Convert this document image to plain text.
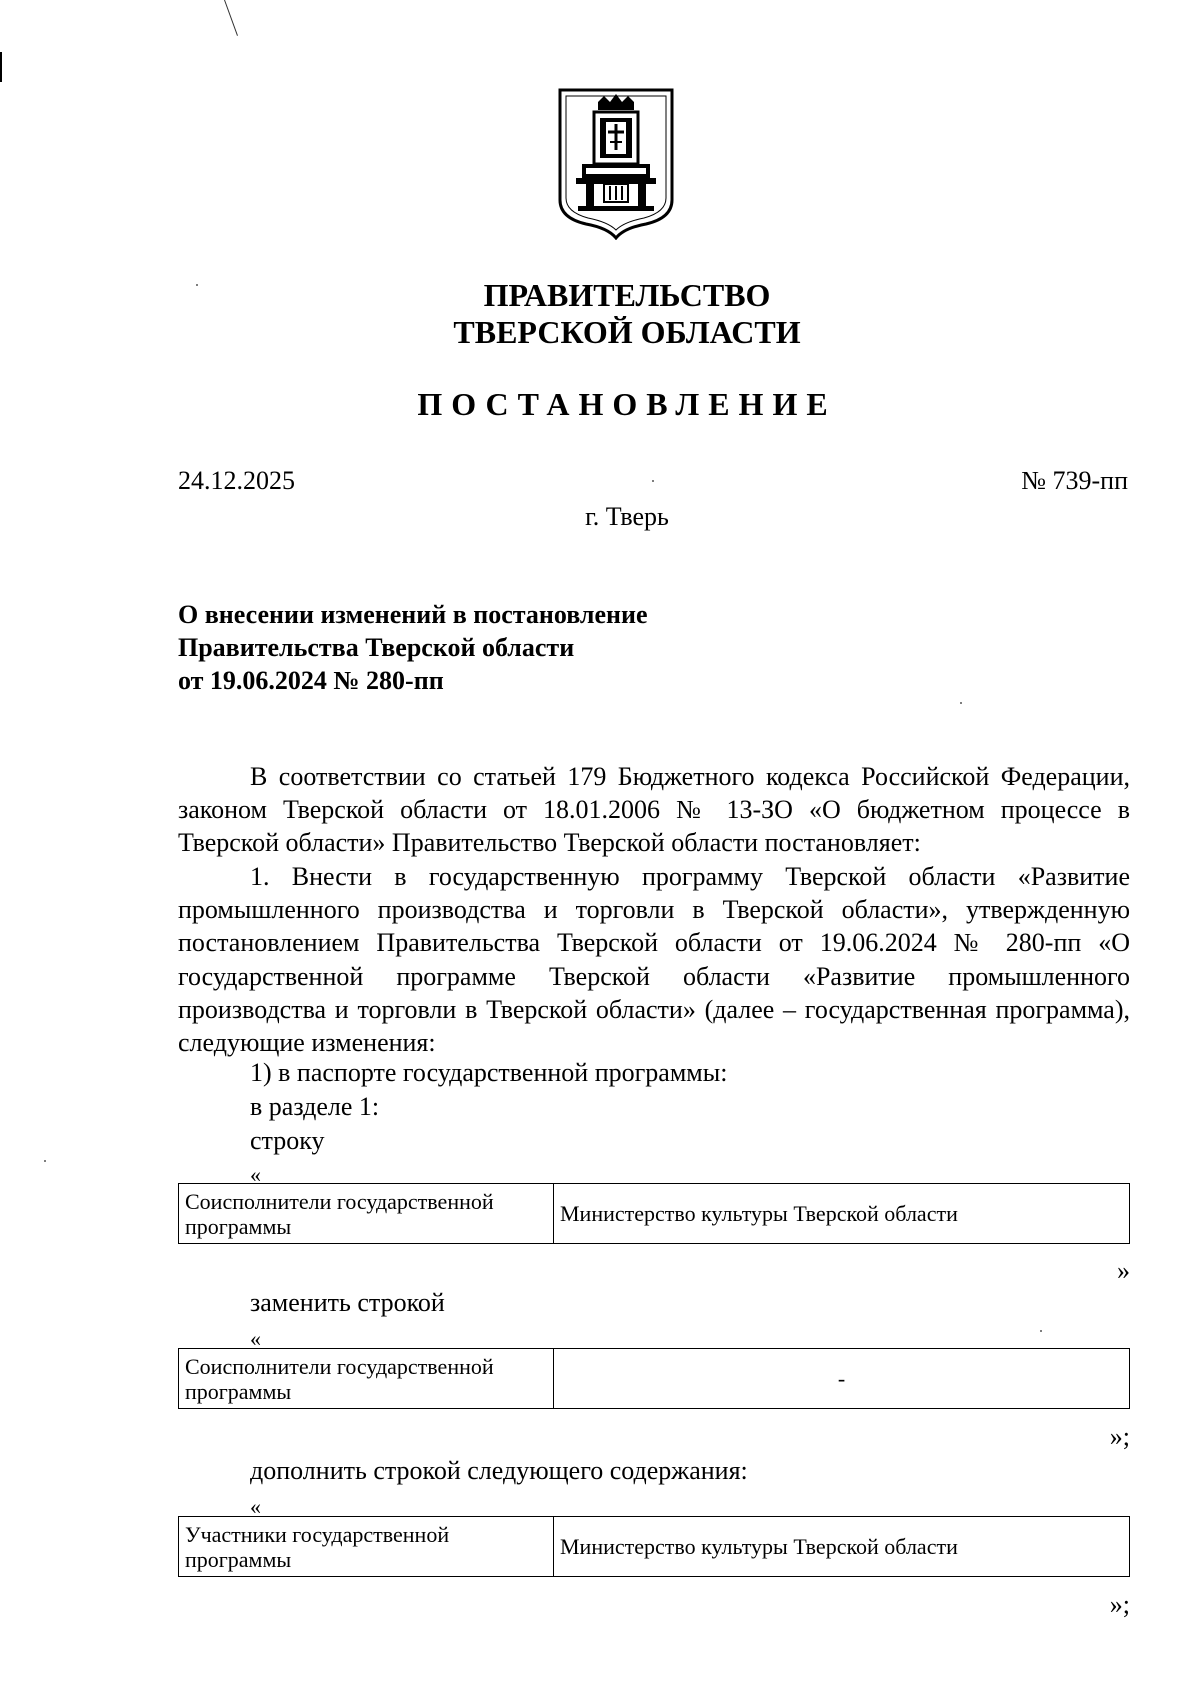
ПРАВИТЕЛЬСТВО
ТВЕРСКОЙ ОБЛАСТИ
ПОСТАНОВЛЕНИЕ
24.12.2025	№ 739-пп
г. Тверь
О внесении изменений в постановление
Правительства Тверской области
от 19.06.2024 № 280-пп
В соответствии со статьей 179 Бюджетного кодекса Российской Федерации, законом Тверской области от 18.01.2006 № 13-ЗО «О бюджетном процессе в Тверской области» Правительство Тверской области постановляет:
1. Внести в государственную программу Тверской области «Развитие промышленного производства и торговли в Тверской области», утвержденную постановлением Правительства Тверской области от 19.06.2024 № 280-пп «О государственной программе Тверской области «Развитие промышленного производства и торговли в Тверской области» (далее – государственная программа), следующие изменения:
1) в паспорте государственной программы:
в разделе 1:
строку
«
Соисполнители государственной программы	Министерство культуры Тверской области
»
заменить строкой
«
Соисполнители государственной программы	-
»;
дополнить строкой следующего содержания:
«
Участники государственной программы	Министерство культуры Тверской области
»;
